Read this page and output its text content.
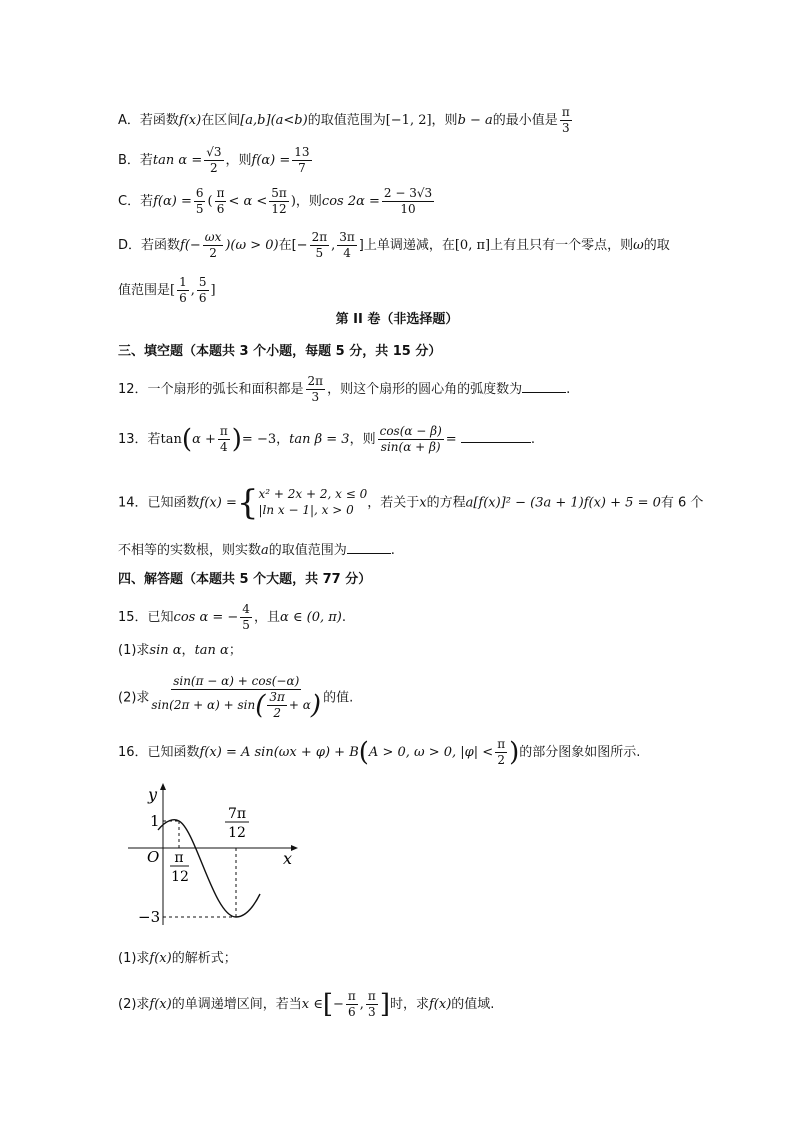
A．若函数f(x)在区间[a,b](a<b)的取值范围为[−1, 2]，则b − a的最小值是 $\frac{\pi}{3}$
B．若$\tan \alpha = \frac{√3}{2}$ ，则$f(\alpha) = \frac{13}{7}$
C．若$f(\alpha) = \frac{6}{5}$ ( $\frac{\pi}{6} < \alpha < \frac{5\pi}{12}$ )，则$\cos 2\alpha = \frac{2 - 3√3}{10}$
D．若函数$f(- \frac{\omega x}{2} )(\omega > 0)$在[− $\frac{2\pi}{5}$ , $\frac{3\pi}{4}$ ]上单调递减，在[0, π]上有且只有一个零点，则ω的取
值范围是[ $\frac{1}{6}$ , $\frac{5}{6}$ ]
第 II 卷（非选择题）
三、填空题（本题共 3 个小题，每题 5 分，共 15 分）
12．一个扇形的弧长和面积都是 $\frac{2\pi}{3}$ ，则这个扇形的圆心角的弧度数为	.
13．若$\tan(\alpha + \frac{\pi}{4}$ )= −3，tan β = 3，则 $\frac{\cos(\alpha - \beta)}{\sin(\alpha + \beta)}$ =	.
14．已知函数f(x) ={ x² + 2x + 2, x ≤ 0
|ln x − 1|, x > 0	，若关于x的方程a[f(x)]² − (3a + 1)f(x) + 5 = 0有 6 个
不相等的实数根，则实数a的取值范围为	.
四、解答题（本题共 5 个大题，共 77 分）
15．已知cos α = − $\frac{4}{5}$ ，且α ∈ (0, π).
(1)求sin α，tan α；
(2)求 $\frac{\sin(\pi - \alpha) + \cos(-\alpha)}{\sin(2\pi + \alpha) + \sin( \frac{3\pi}{2} + \alpha)}$ 的值.
16．已知函数f(x) = A sin(ωx + φ) + B(A > 0, ω > 0, $|\varphi| < \frac{\pi}{2}$ )的部分图象如图所示.
y
x
O
1
−3
π
12
7π
12
(1)求f(x)的解析式；
(2)求f(x)的单调递增区间，若当x ∈[− $\frac{\pi}{6}$ , $\frac{\pi}{3}$ ]时，求f(x)的值域.
